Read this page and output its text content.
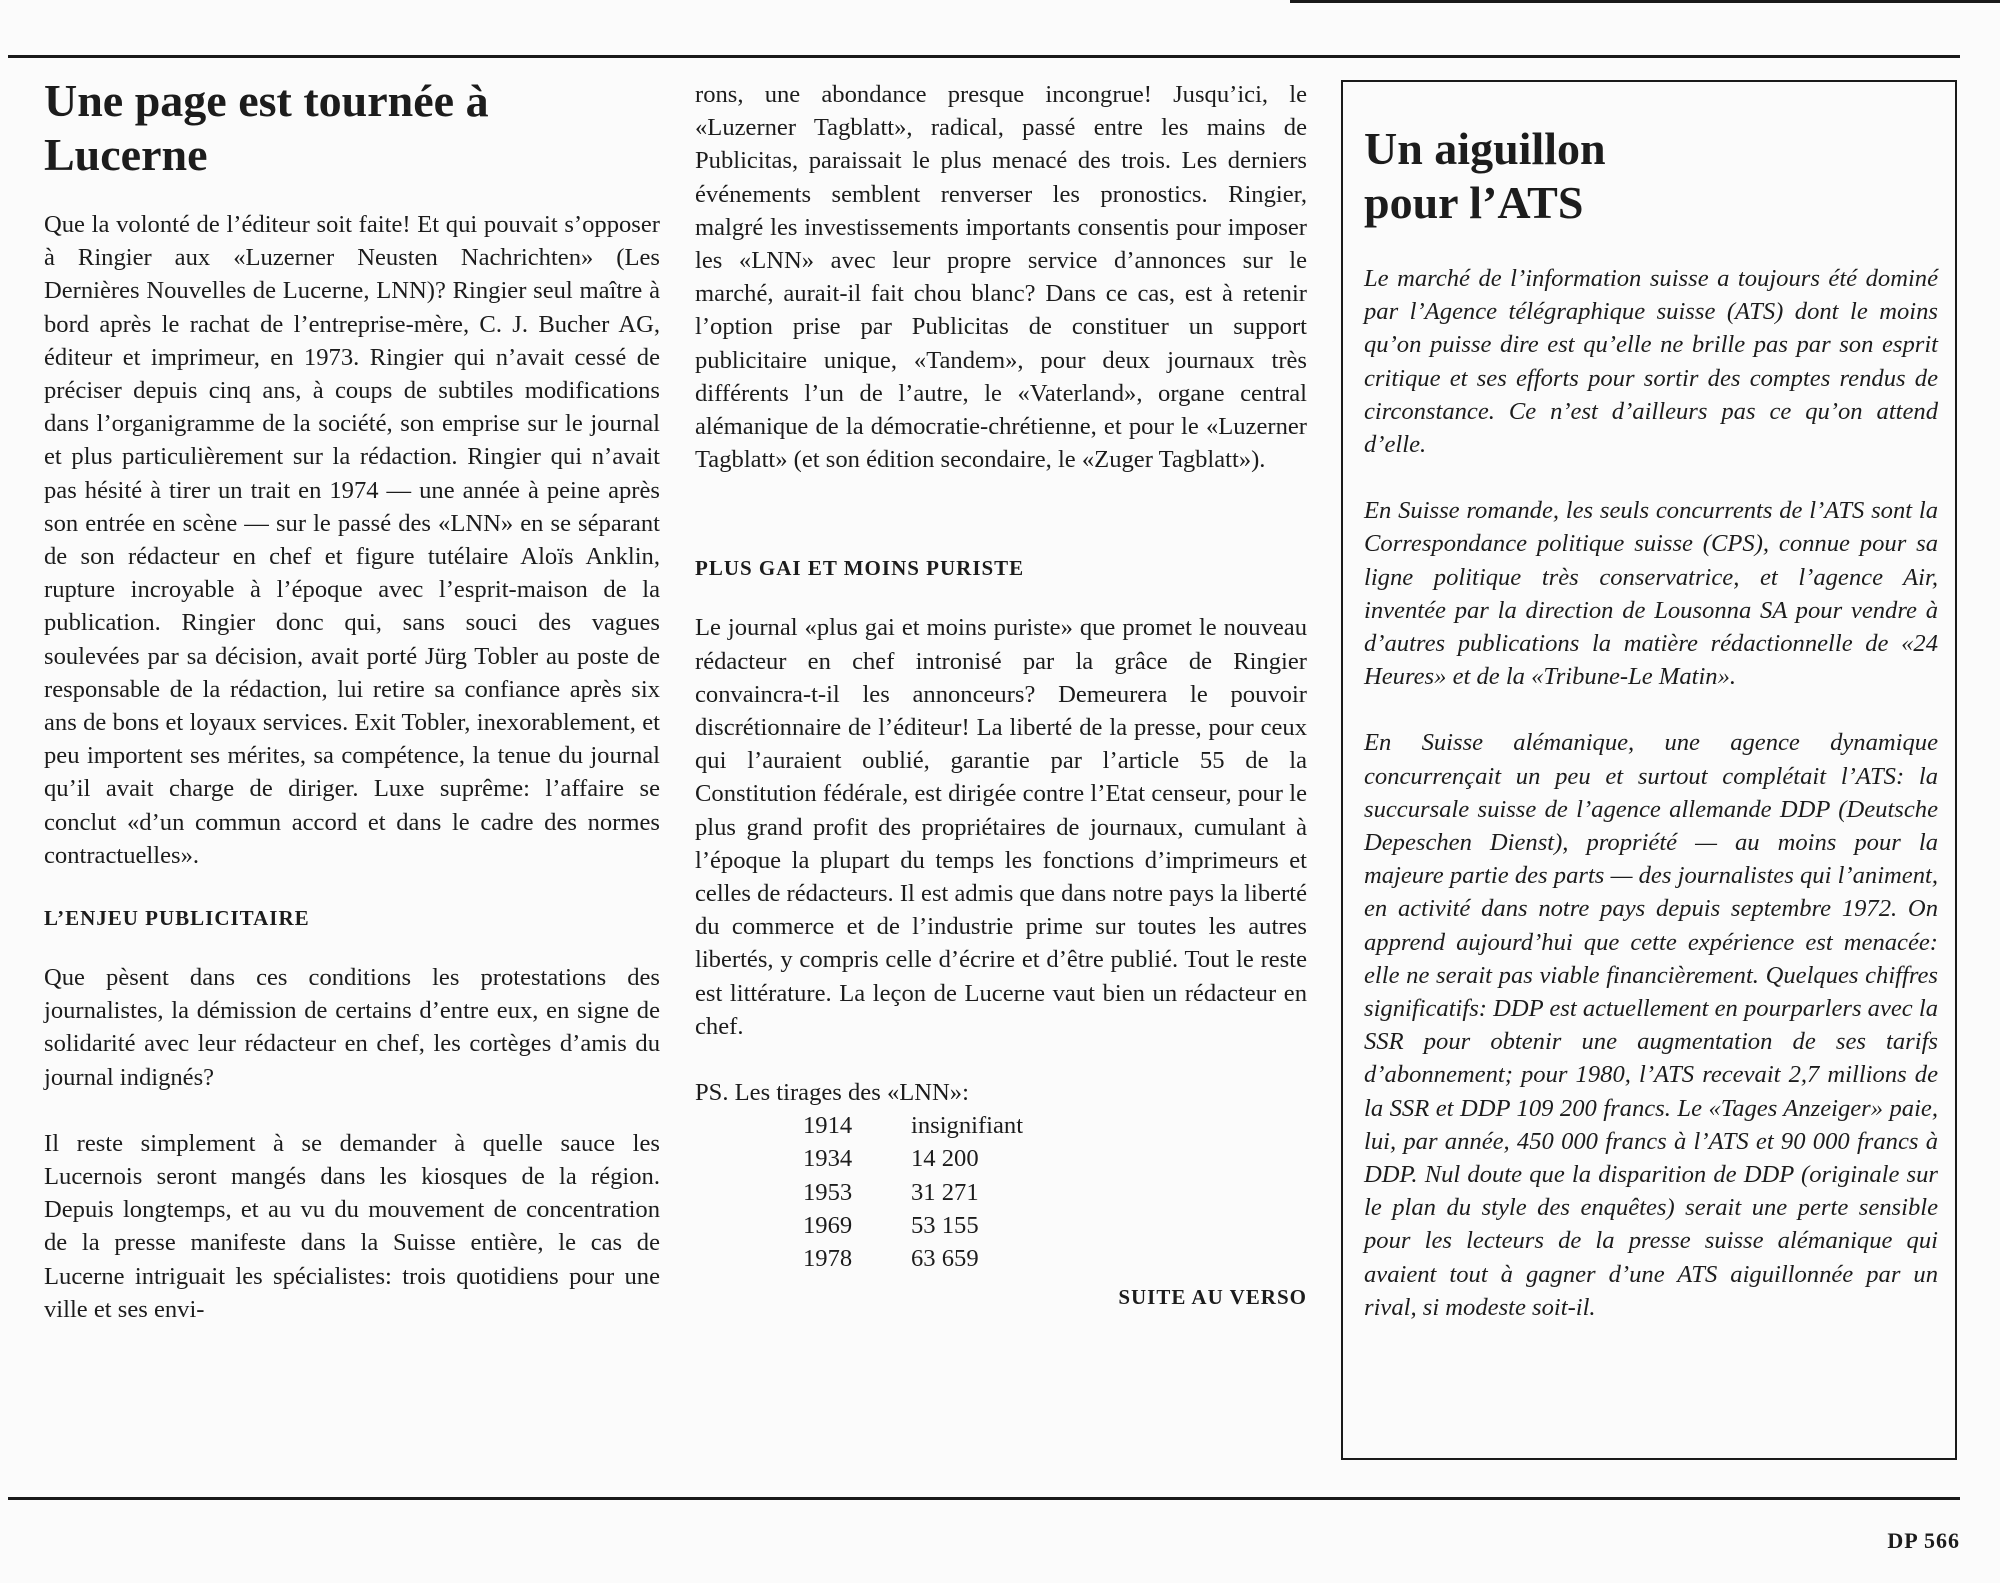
Une page est tournée à Lucerne

Que la volonté de l’éditeur soit faite! Et qui pouvait s’opposer à Ringier aux «Luzerner Neusten Nachrichten» (Les Dernières Nouvelles de Lucerne, LNN)? Ringier seul maître à bord après le rachat de l’entreprise-mère, C. J. Bucher AG, éditeur et imprimeur, en 1973. Ringier qui n’avait cessé de préciser depuis cinq ans, à coups de subtiles modifications dans l’organigramme de la société, son emprise sur le journal et plus particulièrement sur la rédaction. Ringier qui n’avait pas hésité à tirer un trait en 1974 — une année à peine après son entrée en scène — sur le passé des «LNN» en se séparant de son rédacteur en chef et figure tutélaire Aloïs Anklin, rupture incroyable à l’époque avec l’esprit-maison de la publication. Ringier donc qui, sans souci des vagues soulevées par sa décision, avait porté Jürg Tobler au poste de responsable de la rédaction, lui retire sa confiance après six ans de bons et loyaux services. Exit Tobler, inexorablement, et peu importent ses mérites, sa compétence, la tenue du journal qu’il avait charge de diriger. Luxe suprême: l’affaire se conclut «d’un commun accord et dans le cadre des normes contractuelles».

L’ENJEU PUBLICITAIRE

Que pèsent dans ces conditions les protestations des journalistes, la démission de certains d’entre eux, en signe de solidarité avec leur rédacteur en chef, les cortèges d’amis du journal indignés?

Il reste simplement à se demander à quelle sauce les Lucernois seront mangés dans les kiosques de la région. Depuis longtemps, et au vu du mouvement de concentration de la presse manifeste dans la Suisse entière, le cas de Lucerne intriguait les spécialistes: trois quotidiens pour une ville et ses envi-

rons, une abondance presque incongrue! Jusqu’ici, le «Luzerner Tagblatt», radical, passé entre les mains de Publicitas, paraissait le plus menacé des trois. Les derniers événements semblent renverser les pronostics. Ringier, malgré les investissements importants consentis pour imposer les «LNN» avec leur propre service d’annonces sur le marché, aurait-il fait chou blanc? Dans ce cas, est à retenir l’option prise par Publicitas de constituer un support publicitaire unique, «Tandem», pour deux journaux très différents l’un de l’autre, le «Vaterland», organe central alémanique de la démocratie-chrétienne, et pour le «Luzerner Tagblatt» (et son édition secondaire, le «Zuger Tagblatt»).

PLUS GAI ET MOINS PURISTE

Le journal «plus gai et moins puriste» que promet le nouveau rédacteur en chef intronisé par la grâce de Ringier convaincra-t-il les annonceurs? Demeurera le pouvoir discrétionnaire de l’éditeur! La liberté de la presse, pour ceux qui l’auraient oublié, garantie par l’article 55 de la Constitution fédérale, est dirigée contre l’Etat censeur, pour le plus grand profit des propriétaires de journaux, cumulant à l’époque la plupart du temps les fonctions d’imprimeurs et celles de rédacteurs. Il est admis que dans notre pays la liberté du commerce et de l’industrie prime sur toutes les autres libertés, y compris celle d’écrire et d’être publié. Tout le reste est littérature. La leçon de Lucerne vaut bien un rédacteur en chef.

PS. Les tirages des «LNN»:
1914	insignifiant
1934	14 200
1953	31 271
1969	53 155
1978	63 659
SUITE AU VERSO
Un aiguillon pour l’ATS

Le marché de l’information suisse a toujours été dominé par l’Agence télégraphique suisse (ATS) dont le moins qu’on puisse dire est qu’elle ne brille pas par son esprit critique et ses efforts pour sortir des comptes rendus de circonstance. Ce n’est d’ailleurs pas ce qu’on attend d’elle.

En Suisse romande, les seuls concurrents de l’ATS sont la Correspondance politique suisse (CPS), connue pour sa ligne politique très conservatrice, et l’agence Air, inventée par la direction de Lousonna SA pour vendre à d’autres publications la matière rédactionnelle de «24 Heures» et de la «Tribune-Le Matin».

En Suisse alémanique, une agence dynamique concurrençait un peu et surtout complétait l’ATS: la succursale suisse de l’agence allemande DDP (Deutsche Depeschen Dienst), propriété — au moins pour la majeure partie des parts — des journalistes qui l’animent, en activité dans notre pays depuis septembre 1972. On apprend aujourd’hui que cette expérience est menacée: elle ne serait pas viable financièrement. Quelques chiffres significatifs: DDP est actuellement en pourparlers avec la SSR pour obtenir une augmentation de ses tarifs d’abonnement; pour 1980, l’ATS recevait 2,7 millions de la SSR et DDP 109 200 francs. Le «Tages Anzeiger» paie, lui, par année, 450 000 francs à l’ATS et 90 000 francs à DDP. Nul doute que la disparition de DDP (originale sur le plan du style des enquêtes) serait une perte sensible pour les lecteurs de la presse suisse alémanique qui avaient tout à gagner d’une ATS aiguillonnée par un rival, si modeste soit-il.

DP 566
